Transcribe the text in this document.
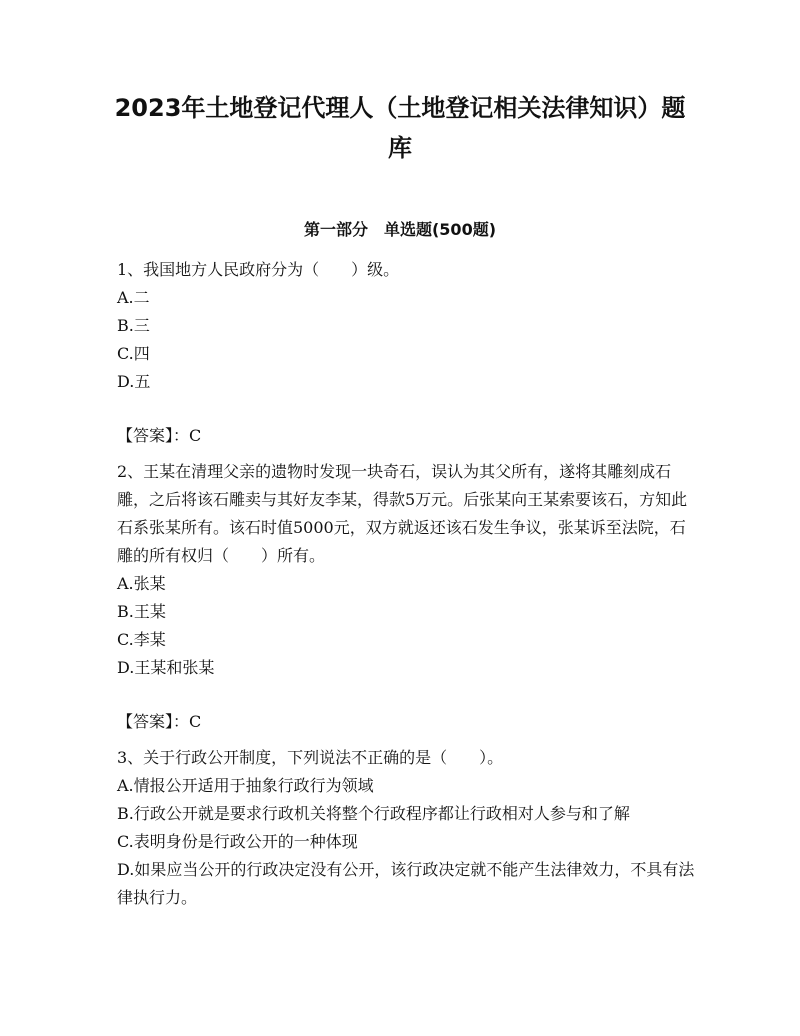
2023年土地登记代理人（土地登记相关法律知识）题
库
第一部分　单选题(500题)

1、我国地方人民政府分为（　　）级。

A.二

B.三

C.四

D.五

【答案】：C

2、王某在清理父亲的遗物时发现一块奇石，误认为其父所有，遂将其雕刻成石雕，之后将该石雕卖与其好友李某，得款5万元。后张某向王某索要该石，方知此石系张某所有。该石时值5000元，双方就返还该石发生争议，张某诉至法院，石雕的所有权归（　　）所有。

A.张某

B.王某

C.李某

D.王某和张某

【答案】：C

3、关于行政公开制度，下列说法不正确的是（　　）。

A.情报公开适用于抽象行政行为领域

B.行政公开就是要求行政机关将整个行政程序都让行政相对人参与和了解

C.表明身份是行政公开的一种体现

D.如果应当公开的行政决定没有公开，该行政决定就不能产生法律效力，不具有法律执行力。
